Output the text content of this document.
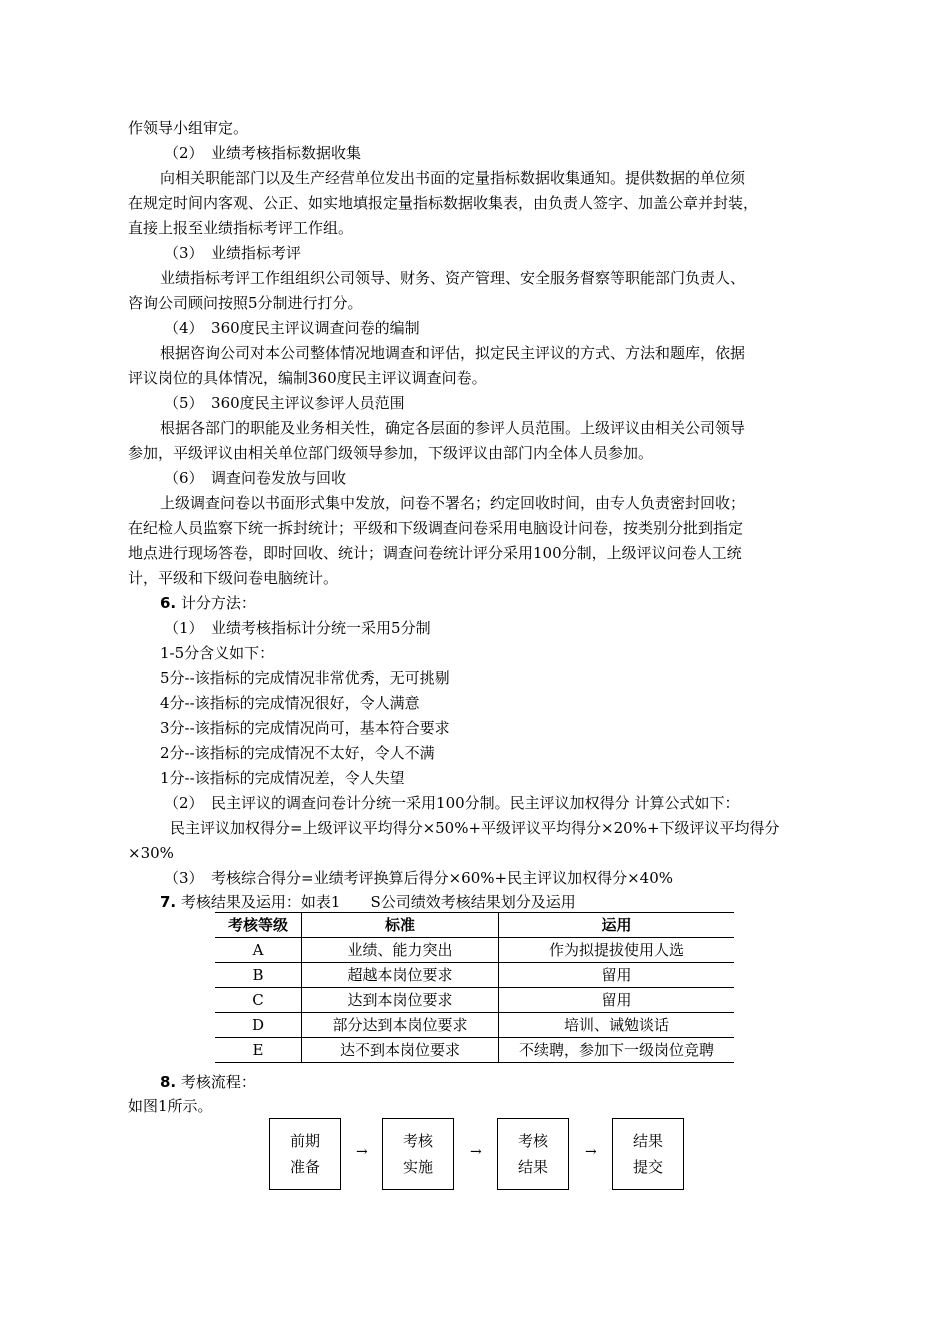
作领导小组审定。
（2）　业绩考核指标数据收集
向相关职能部门以及生产经营单位发出书面的定量指标数据收集通知。提供数据的单位须
在规定时间内客观、公正、如实地填报定量指标数据收集表，由负责人签字、加盖公章并封装，
直接上报至业绩指标考评工作组。
（3）　业绩指标考评
业绩指标考评工作组组织公司领导、财务、资产管理、安全服务督察等职能部门负责人、
咨询公司顾问按照5分制进行打分。
（4）　360度民主评议调查问卷的编制
根据咨询公司对本公司整体情况地调查和评估，拟定民主评议的方式、方法和题库，依据
评议岗位的具体情况，编制360度民主评议调查问卷。
（5）　360度民主评议参评人员范围
根据各部门的职能及业务相关性，确定各层面的参评人员范围。上级评议由相关公司领导
参加，平级评议由相关单位部门级领导参加，下级评议由部门内全体人员参加。
（6）　调查问卷发放与回收
上级调查问卷以书面形式集中发放，问卷不署名；约定回收时间，由专人负责密封回收；
在纪检人员监察下统一拆封统计；平级和下级调查问卷采用电脑设计问卷，按类别分批到指定
地点进行现场答卷，即时回收、统计；调查问卷统计评分采用100分制，上级评议问卷人工统
计，平级和下级问卷电脑统计。
6. 计分方法：
（1）　业绩考核指标计分统一采用5分制
1-5分含义如下：
5分--该指标的完成情况非常优秀，无可挑剔
4分--该指标的完成情况很好，令人满意
3分--该指标的完成情况尚可，基本符合要求
2分--该指标的完成情况不太好，令人不满
1分--该指标的完成情况差，令人失望
（2）　民主评议的调查问卷计分统一采用100分制。民主评议加权得分 计算公式如下：
民主评议加权得分=上级评议平均得分×50%+平级评议平均得分×20%+下级评议平均得分
×30%
（3）　考核综合得分=业绩考评换算后得分×60%+民主评议加权得分×40%
7. 考核结果及运用：如表1　　S公司绩效考核结果划分及运用
考核等级	标准	运用
A	业绩、能力突出	作为拟提拔使用人选
B	超越本岗位要求	留用
C	达到本岗位要求	留用
D	部分达到本岗位要求	培训、诫勉谈话
E	达不到本岗位要求	不续聘，参加下一级岗位竞聘
8. 考核流程：
如图1所示。
前期
准备
→
考核
实施
→
考核
结果
→
结果
提交
